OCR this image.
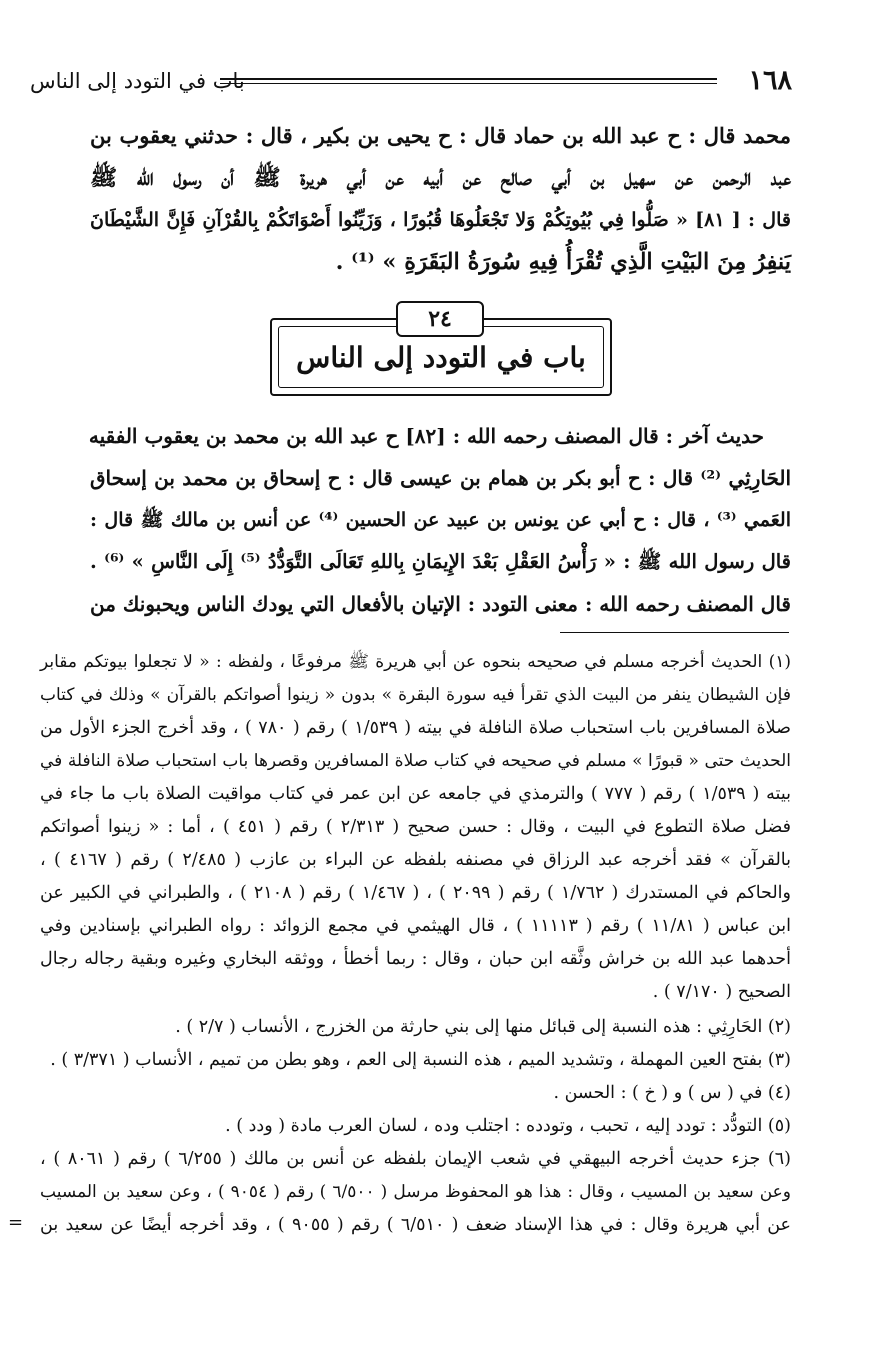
١٦٨
باب في التودد إلى الناس
محمد قال : ح عبد الله بن حماد قال : ح يحيى بن بكير ، قال : حدثني يعقوب بن
عبد الرحمن عن سهيل بن أبي صالح عن أبيه عن أبي هريرة ﷺ أن رسول الله ﷺ
قال : [ ٨١] « صَلُّوا فِي بُيُوتِكُمْ وَلا تَجْعَلُوهَا قُبُورًا ، وَزَيِّنُوا أَصْوَاتَكُمْ بِالقُرْآنِ فَإِنَّ الشَّيْطَانَ
يَنفِرُ مِنَ البَيْتِ الَّذِي تُقْرَأُ فِيهِ سُورَةُ البَقَرَةِ » ⁽¹⁾ .
باب في التودد إلى الناس
٢٤
حديث آخر : قال المصنف رحمه الله : [٨٢] ح عبد الله بن محمد بن يعقوب الفقيه
الحَارِثِي ⁽²⁾ قال : ح أبو بكر بن همام بن عيسى قال : ح إسحاق بن محمد بن إسحاق
العَمي ⁽³⁾ ، قال : ح أبي عن يونس بن عبيد عن الحسين ⁽⁴⁾ عن أنس بن مالك ﷺ قال :
قال رسول الله ﷺ : « رَأْسُ العَقْلِ بَعْدَ الإِيمَانِ بِاللهِ تَعَالَى التَّوَدُّدُ ⁽⁵⁾ إِلَى النَّاسِ » ⁽⁶⁾ .
قال المصنف رحمه الله : معنى التودد : الإتيان بالأفعال التي يودك الناس ويحبونك من
(١) الحديث أخرجه مسلم في صحيحه بنحوه عن أبي هريرة ﷺ مرفوعًا ، ولفظه : « لا تجعلوا بيوتكم مقابر
فإن الشيطان ينفر من البيت الذي تقرأ فيه سورة البقرة » بدون « زينوا أصواتكم بالقرآن » وذلك في كتاب
صلاة المسافرين باب استحباب صلاة النافلة في بيته ( ١/٥٣٩ ) رقم ( ٧٨٠ ) ، وقد أخرج الجزء الأول من
الحديث حتى « قبورًا » مسلم في صحيحه في كتاب صلاة المسافرين وقصرها باب استحباب صلاة النافلة في
بيته ( ١/٥٣٩ ) رقم ( ٧٧٧ ) والترمذي في جامعه عن ابن عمر في كتاب مواقيت الصلاة باب ما جاء في
فضل صلاة التطوع في البيت ، وقال : حسن صحيح ( ٢/٣١٣ ) رقم ( ٤٥١ ) ، أما : « زينوا أصواتكم
بالقرآن » فقد أخرجه عبد الرزاق في مصنفه بلفظه عن البراء بن عازب ( ٢/٤٨٥ ) رقم ( ٤١٦٧ ) ،
والحاكم في المستدرك ( ١/٧٦٢ ) رقم ( ٢٠٩٩ ) ، ( ١/٤٦٧ ) رقم ( ٢١٠٨ ) ، والطبراني في الكبير عن
ابن عباس ( ١١/٨١ ) رقم ( ١١١١٣ ) ، قال الهيثمي في مجمع الزوائد : رواه الطبراني بإسنادين وفي
أحدهما عبد الله بن خراش وثَّقه ابن حبان ، وقال : ربما أخطأ ، ووثقه البخاري وغيره وبقية رجاله رجال
الصحيح ( ٧/١٧٠ ) .
(٢) الحَارِثِي : هذه النسبة إلى قبائل منها إلى بني حارثة من الخزرج ، الأنساب ( ٢/٧ ) .
(٣) بفتح العين المهملة ، وتشديد الميم ، هذه النسبة إلى العم ، وهو بطن من تميم ، الأنساب ( ٣/٣٧١ ) .
(٤) في ( س ) و ( خ ) : الحسن .
(٥) التودُّد : تودد إليه ، تحبب ، وتودده : اجتلب وده ، لسان العرب مادة ( ودد ) .
(٦) جزء حديث أخرجه البيهقي في شعب الإيمان بلفظه عن أنس بن مالك ( ٦/٢٥٥ ) رقم ( ٨٠٦١ ) ،
وعن سعيد بن المسيب ، وقال : هذا هو المحفوظ مرسل ( ٦/٥٠٠ ) رقم ( ٩٠٥٤ ) ، وعن سعيد بن المسيب
عن أبي هريرة وقال : في هذا الإسناد ضعف ( ٦/٥١٠ ) رقم ( ٩٠٥٥ ) ، وقد أخرجه أيضًا عن سعيد بن
=
